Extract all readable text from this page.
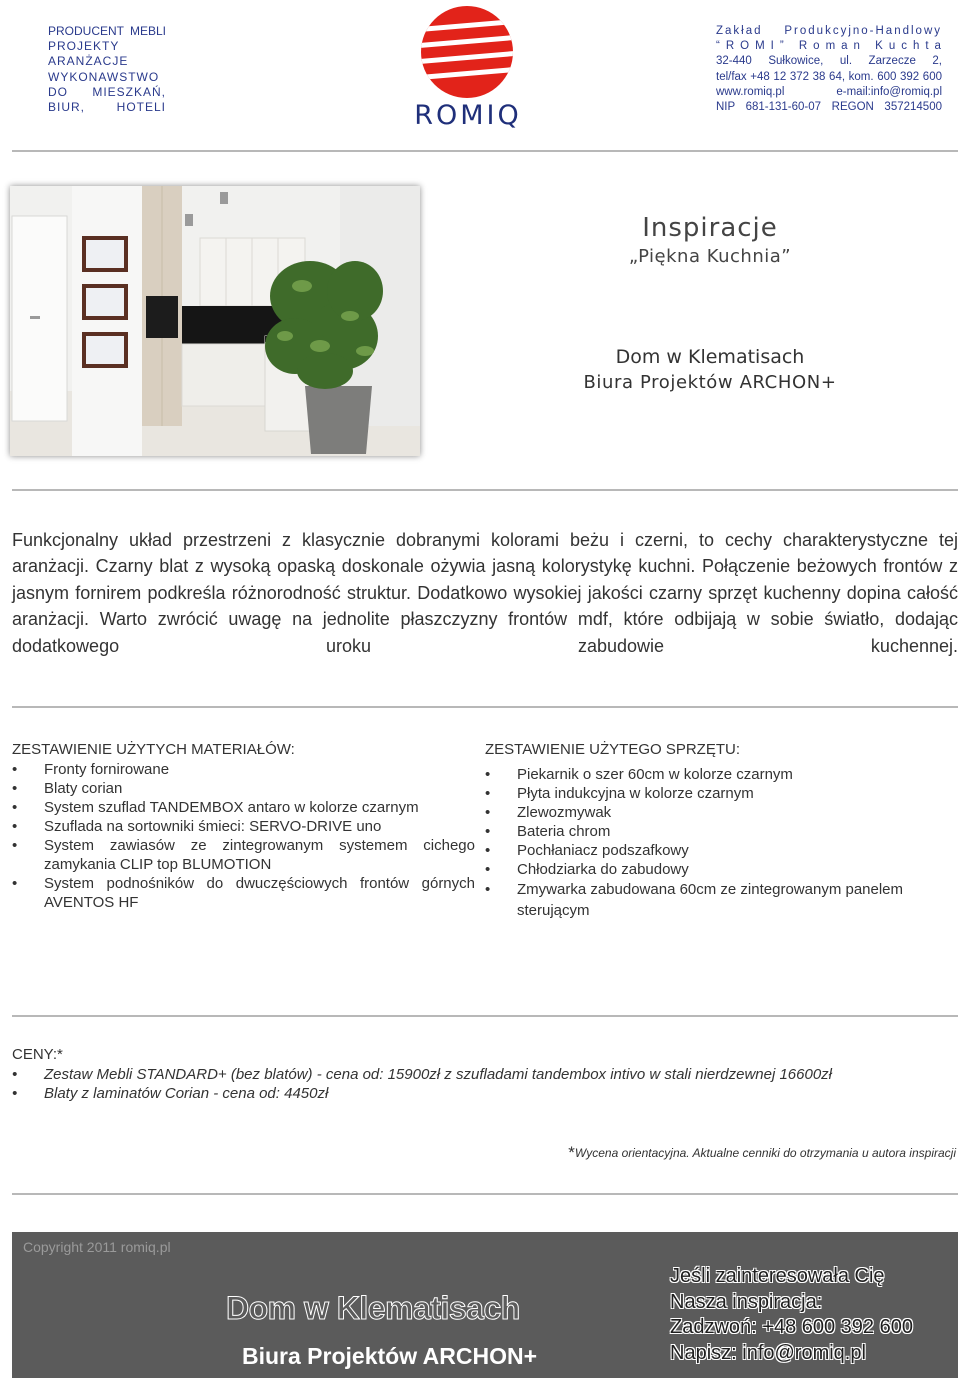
PRODUCENT MEBLI
PROJEKTY
ARANŻACJE
WYKONAWSTWO
DO MIESZKAŃ,
BIUR, HOTELI	ROMIQ
Zakład Produkcyjno-Handlowy
“ROMI” Roman Kuchta
32-440 Sułkowice, ul. Zarzecze 2,
tel/fax +48 12 372 38 64, kom. 600 392 600
www.romiq.pl	e-mail:info@romiq.pl
NIP 681-131-60-07 REGON 357214500
Inspiracje
„Piękna Kuchnia”
Dom w Klematisach
Biura Projektów ARCHON+

Funkcjonalny układ przestrzeni z klasycznie dobranymi kolorami beżu i czerni, to cechy charakterystyczne tej aranżacji. Czarny blat z wysoką opaską doskonale ożywia jasną kolorystykę kuchni. Połączenie beżowych frontów z jasnym fornirem podkreśla różnorodność struktur. Dodatkowo wysokiej jakości czarny sprzęt kuchenny dopina całość aranżacji. Warto zwrócić uwagę na jednolite płaszczyzny frontów mdf, które odbijają w sobie światło, dodając dodatkowego uroku zabudowie kuchennej.

ZESTAWIENIE UŻYTYCH MATERIAŁÓW:
• Fronty fornirowane
• Blaty corian
• System szuflad TANDEMBOX antaro w kolorze czarnym
• Szuflada na sortowniki śmieci: SERVO-DRIVE uno
• System zawiasów ze zintegrowanym systemem cichego zamykania CLIP top BLUMOTION
• System podnośników do dwuczęściowych frontów górnych AVENTOS HF
ZESTAWIENIE UŻYTEGO SPRZĘTU:
• Piekarnik o szer 60cm w kolorze czarnym
• Płyta indukcyjna w kolorze czarnym
• Zlewozmywak
• Bateria chrom
• Pochłaniacz podszafkowy
• Chłodziarka do zabudowy
• Zmywarka zabudowana 60cm ze zintegrowanym panelem sterującym
CENY:*
• Zestaw Mebli STANDARD+ (bez blatów) - cena od: 15900zł z szufladami tandembox intivo w stali nierdzewnej 16600zł
• Blaty z laminatów Corian - cena od: 4450zł
*Wycena orientacyjna. Aktualne cenniki do otrzymania u autora inspiracji
Copyright 2011 romiq.pl
Dom w Klematisach
Biura Projektów ARCHON+
Jeśli zainteresowała Cię
Nasza inspiracja:
Zadzwoń: +48 600 392 600
Napisz: info@romiq.pl
